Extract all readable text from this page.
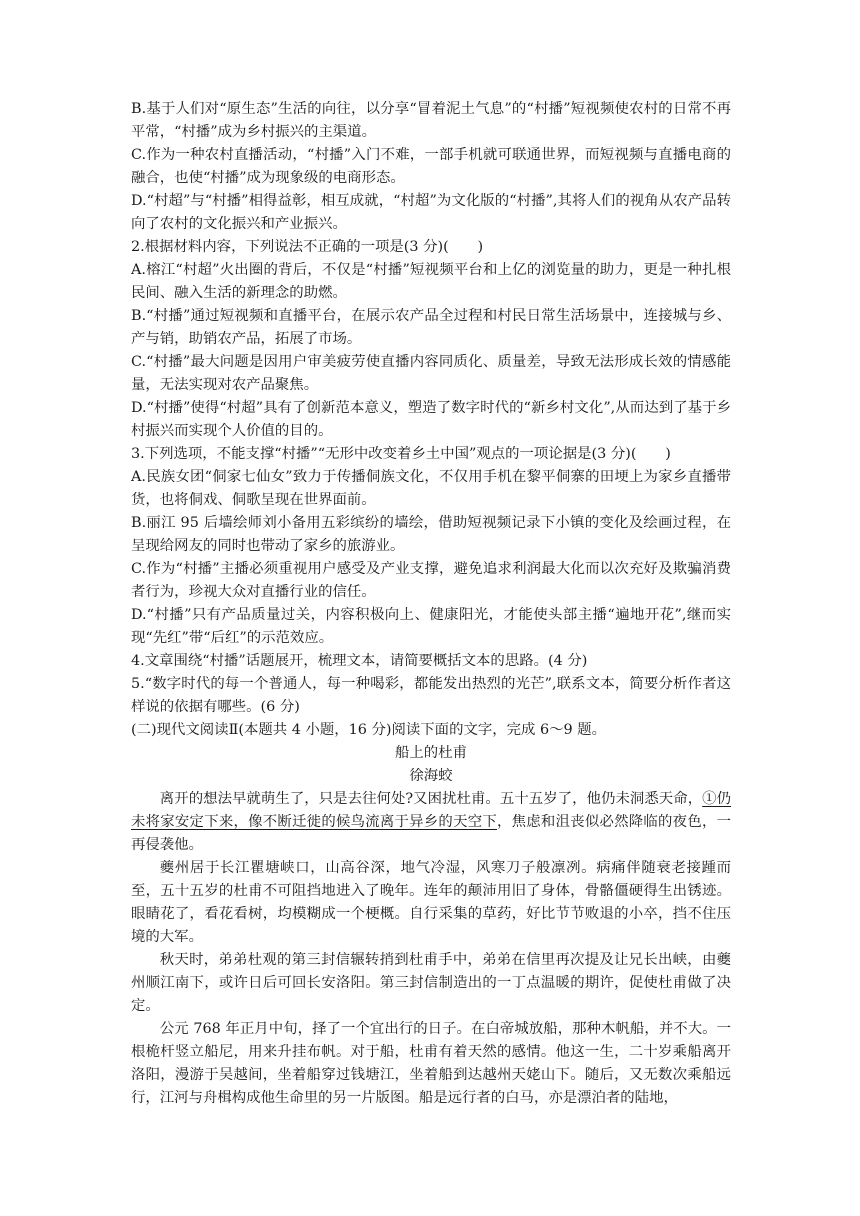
B.基于人们对“原生态”生活的向往，以分享“冒着泥土气息”的“村播”短视频使农村的日常不再平常，“村播”成为乡村振兴的主渠道。

C.作为一种农村直播活动，“村播”入门不难，一部手机就可联通世界，而短视频与直播电商的融合，也使“村播”成为现象级的电商形态。

D.“村超”与“村播”相得益彰，相互成就，“村超”为文化版的“村播”,其将人们的视角从农产品转向了农村的文化振兴和产业振兴。

2.根据材料内容，下列说法不正确的一项是(3 分)(　　)

A.榕江“村超”火出圈的背后，不仅是“村播”短视频平台和上亿的浏览量的助力，更是一种扎根民间、融入生活的新理念的助燃。

B.“村播”通过短视频和直播平台，在展示农产品全过程和村民日常生活场景中，连接城与乡、产与销，助销农产品，拓展了市场。

C.“村播”最大问题是因用户审美疲劳使直播内容同质化、质量差，导致无法形成长效的情感能量，无法实现对农产品聚焦。

D.“村播”使得“村超”具有了创新范本意义，塑造了数字时代的“新乡村文化”,从而达到了基于乡村振兴而实现个人价值的目的。

3.下列选项，不能支撑“村播”“无形中改变着乡土中国”观点的一项论据是(3 分)(　　)

A.民族女团“侗家七仙女”致力于传播侗族文化，不仅用手机在黎平侗寨的田埂上为家乡直播带货，也将侗戏、侗歌呈现在世界面前。

B.丽江 95 后墙绘师刘小备用五彩缤纷的墙绘，借助短视频记录下小镇的变化及绘画过程，在呈现给网友的同时也带动了家乡的旅游业。

C.作为“村播”主播必须重视用户感受及产业支撑，避免追求利润最大化而以次充好及欺骗消费者行为，珍视大众对直播行业的信任。

D.“村播”只有产品质量过关，内容积极向上、健康阳光，才能使头部主播“遍地开花”,继而实现“先红”带“后红”的示范效应。

4.文章围绕“村播”话题展开，梳理文本，请简要概括文本的思路。(4 分)

5.“数字时代的每一个普通人，每一种喝彩，都能发出热烈的光芒”,联系文本，简要分析作者这样说的依据有哪些。(6 分)

(二)现代文阅读Ⅱ(本题共 4 小题，16 分)阅读下面的文字，完成 6～9 题。

船上的杜甫

徐海蛟

离开的想法早就萌生了，只是去往何处?又困扰杜甫。五十五岁了，他仍未洞悉天命，①仍未将家安定下来，像不断迁徙的候鸟流离于异乡的天空下，焦虑和沮丧似必然降临的夜色，一再侵袭他。

夔州居于长江瞿塘峡口，山高谷深，地气冷湿，风寒刀子般凛冽。病痛伴随衰老接踵而至，五十五岁的杜甫不可阻挡地进入了晚年。连年的颠沛用旧了身体，骨骼僵硬得生出锈迹。眼睛花了，看花看树，均模糊成一个梗概。自行采集的草药，好比节节败退的小卒，挡不住压境的大军。

秋天时，弟弟杜观的第三封信辗转捎到杜甫手中，弟弟在信里再次提及让兄长出峡，由夔州顺江南下，或许日后可回长安洛阳。第三封信制造出的一丁点温暖的期许，促使杜甫做了决定。

公元 768 年正月中旬，择了一个宜出行的日子。在白帝城放船，那种木帆船，并不大。一根桅杆竖立船尼，用来升挂布帆。对于船，杜甫有着天然的感情。他这一生，二十岁乘船离开洛阳，漫游于吴越间，坐着船穿过钱塘江，坐着船到达越州天姥山下。随后，又无数次乘船远行，江河与舟楫构成他生命里的另一片版图。船是远行者的白马，亦是漂泊者的陆地，
